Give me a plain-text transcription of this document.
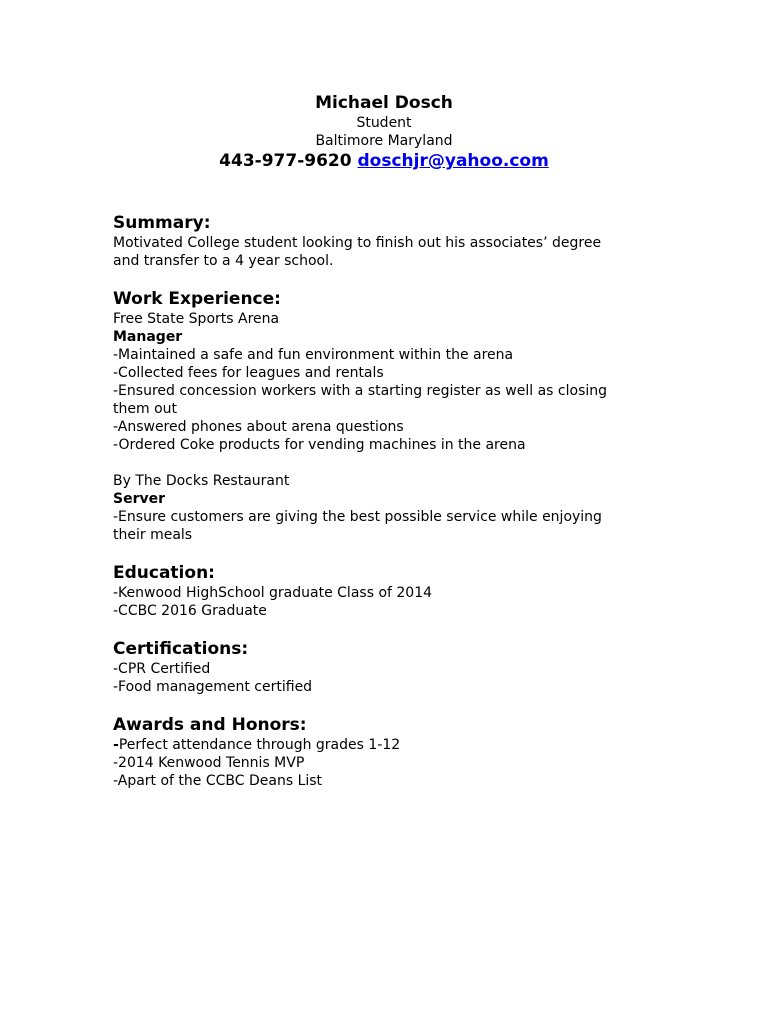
Michael Dosch

Student

Baltimore Maryland

443-977-9620 doschjr@yahoo.com

Summary:

Motivated College student looking to finish out his associates’ degree

and transfer to a 4 year school.

Work Experience:

Free State Sports Arena

Manager

-Maintained a safe and fun environment within the arena

-Collected fees for leagues and rentals

-Ensured concession workers with a starting register as well as closing

them out

-Answered phones about arena questions

-Ordered Coke products for vending machines in the arena

By The Docks Restaurant

Server

-Ensure customers are giving the best possible service while enjoying

their meals

Education:

-Kenwood HighSchool graduate Class of 2014

-CCBC 2016 Graduate

Certifications:

-CPR Certified

-Food management certified

Awards and Honors:

-Perfect attendance through grades 1-12

-2014 Kenwood Tennis MVP

-Apart of the CCBC Deans List
